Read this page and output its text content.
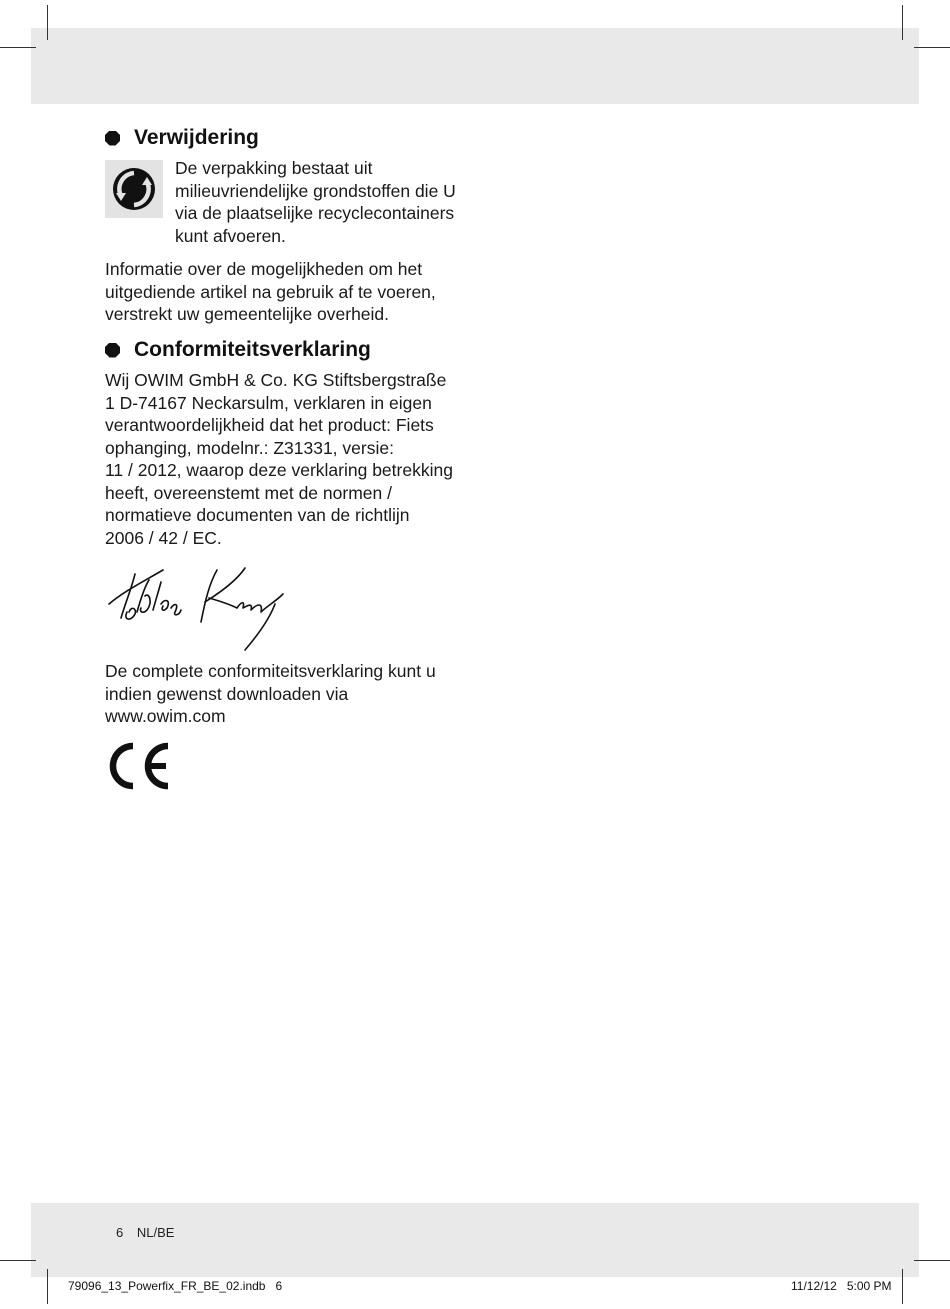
Verwijdering
De verpakking bestaat uit
milieuvriendelijke grondstoffen die U
via de plaatselijke recyclecontainers
kunt afvoeren.
Informatie over de mogelijkheden om het
uitgediende artikel na gebruik af te voeren,
verstrekt uw gemeentelijke overheid.
Conformiteitsverklaring
Wij OWIM GmbH & Co. KG Stiftsbergstraße
1 D-74167 Neckarsulm, verklaren in eigen
verantwoordelijkheid dat het product: Fiets
ophanging, modelnr.: Z31331, versie:
11 / 2012, waarop deze verklaring betrekking
heeft, overeenstemt met de normen /
normatieve documenten van de richtlijn
2006 / 42 / EC.
De complete conformiteitsverklaring kunt u
indien gewenst downloaden via
www.owim.com
6 NL/BE
79096_13_Powerfix_FR_BE_02.indb   6	11/12/12   5:00 PM
